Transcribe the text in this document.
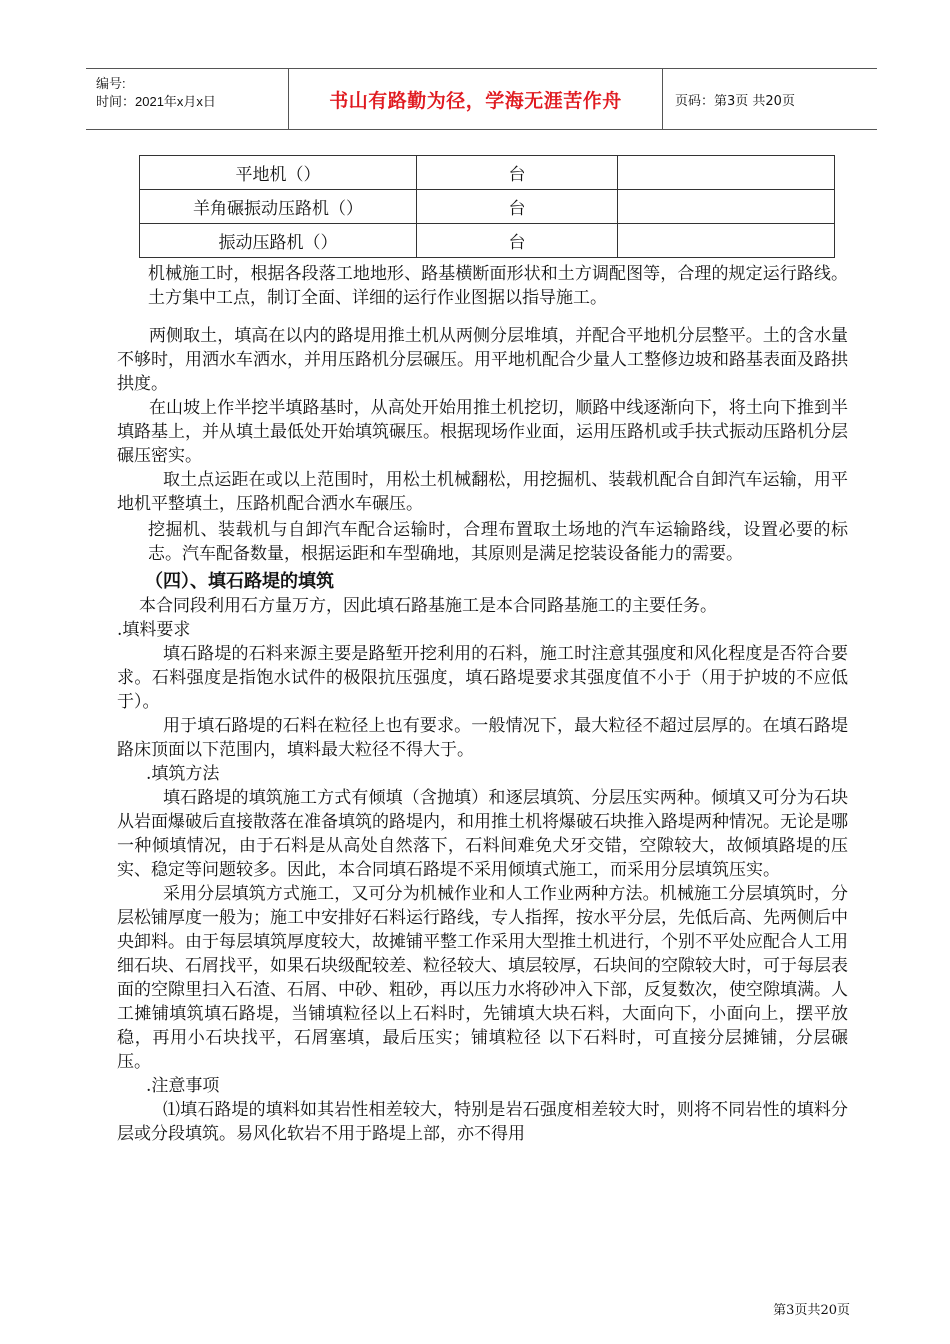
编号:
时间：2021年x月x日	书山有路勤为径，学海无涯苦作舟	页码：第3页 共20页
平地机（）	台	
羊角碾振动压路机（）	台	
振动压路机（）	台	

机械施工时，根据各段落工地地形、路基横断面形状和土方调配图等，合理的规定运行路线。土方集中工点，制订全面、详细的运行作业图据以指导施工。

两侧取土，填高在以内的路堤用推土机从两侧分层堆填，并配合平地机分层整平。土的含水量不够时，用洒水车洒水，并用压路机分层碾压。用平地机配合少量人工整修边坡和路基表面及路拱拱度。

在山坡上作半挖半填路基时，从高处开始用推土机挖切，顺路中线逐渐向下，将土向下推到半填路基上，并从填土最低处开始填筑碾压。根据现场作业面，运用压路机或手扶式振动压路机分层碾压密实。

取土点运距在或以上范围时，用松土机械翻松，用挖掘机、装载机配合自卸汽车运输，用平地机平整填土，压路机配合洒水车碾压。

挖掘机、装载机与自卸汽车配合运输时，合理布置取土场地的汽车运输路线，设置必要的标志。汽车配备数量，根据运距和车型确地，其原则是满足挖装设备能力的需要。

（四）、填石路堤的填筑

本合同段利用石方量万方，因此填石路基施工是本合同路基施工的主要任务。

.填料要求

填石路堤的石料来源主要是路堑开挖利用的石料，施工时注意其强度和风化程度是否符合要求。石料强度是指饱水试件的极限抗压强度，填石路堤要求其强度值不小于（用于护坡的不应低于）。

用于填石路堤的石料在粒径上也有要求。一般情况下，最大粒径不超过层厚的。在填石路堤路床顶面以下范围内，填料最大粒径不得大于。

.填筑方法

填石路堤的填筑施工方式有倾填（含抛填）和逐层填筑、分层压实两种。倾填又可分为石块从岩面爆破后直接散落在准备填筑的路堤内，和用推土机将爆破石块推入路堤两种情况。无论是哪一种倾填情况，由于石料是从高处自然落下，石料间难免犬牙交错，空隙较大，故倾填路堤的压实、稳定等问题较多。因此，本合同填石路堤不采用倾填式施工，而采用分层填筑压实。

采用分层填筑方式施工，又可分为机械作业和人工作业两种方法。机械施工分层填筑时，分层松铺厚度一般为；施工中安排好石料运行路线，专人指挥，按水平分层，先低后高、先两侧后中央卸料。由于每层填筑厚度较大，故摊铺平整工作采用大型推土机进行，个别不平处应配合人工用细石块、石屑找平，如果石块级配较差、粒径较大、填层较厚，石块间的空隙较大时，可于每层表面的空隙里扫入石渣、石屑、中砂、粗砂，再以压力水将砂冲入下部，反复数次，使空隙填满。人工摊铺填筑填石路堤，当铺填粒径以上石料时，先铺填大块石料，大面向下，小面向上，摆平放稳，再用小石块找平，石屑塞填，最后压实；铺填粒径 以下石料时，可直接分层摊铺，分层碾压。

.注意事项

⑴填石路堤的填料如其岩性相差较大，特别是岩石强度相差较大时，则将不同岩性的填料分层或分段填筑。易风化软岩不用于路堤上部，亦不得用

第3页共20页
